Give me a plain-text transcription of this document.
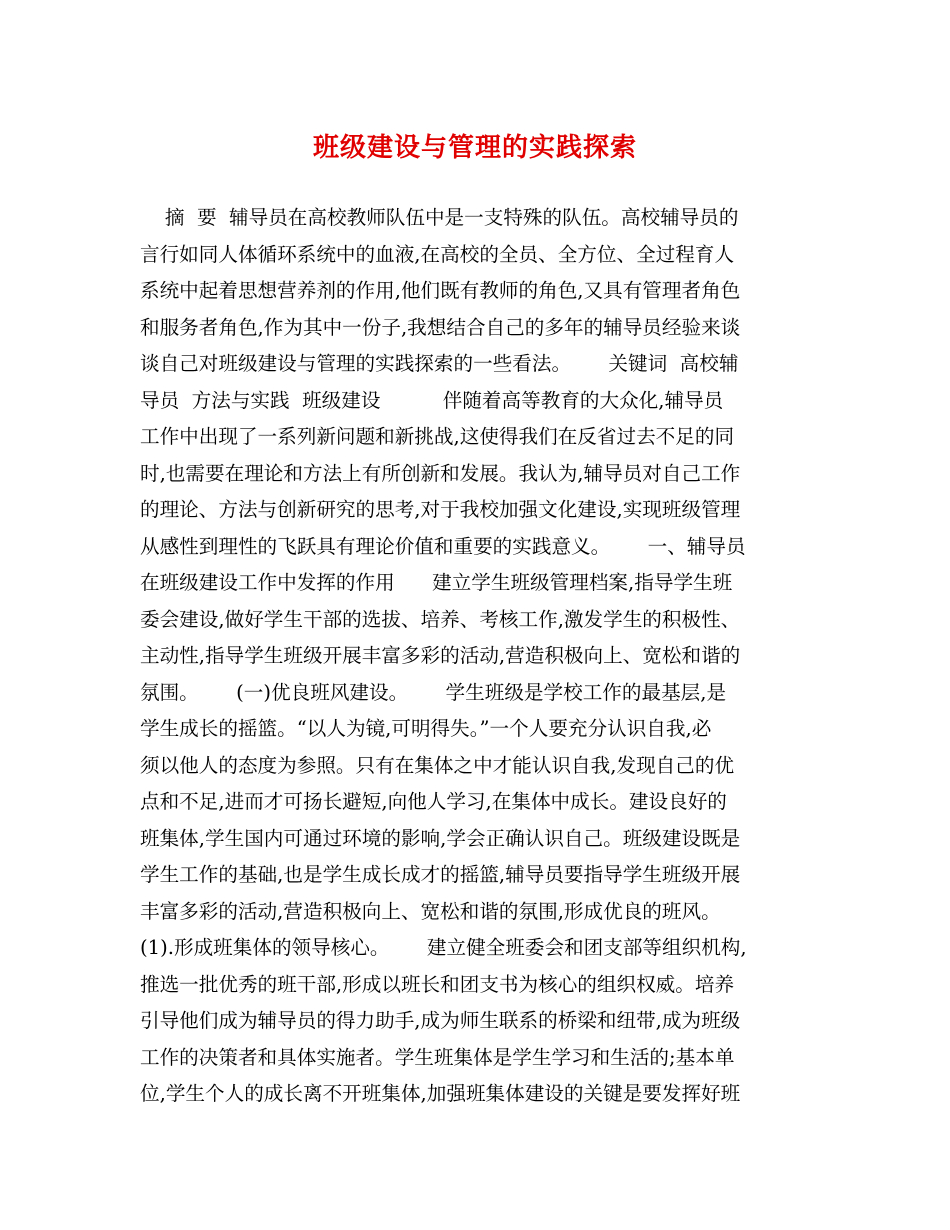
班级建设与管理的实践探索
摘  要  辅导员在高校教师队伍中是一支特殊的队伍。高校辅导员的
言行如同人体循环系统中的血液,在高校的全员、全方位、全过程育人
系统中起着思想营养剂的作用,他们既有教师的角色,又具有管理者角色
和服务者角色,作为其中一份子,我想结合自己的多年的辅导员经验来谈
谈自己对班级建设与管理的实践探索的一些看法。      关键词  高校辅
导员  方法与实践  班级建设          伴随着高等教育的大众化,辅导员
工作中出现了一系列新问题和新挑战,这使得我们在反省过去不足的同
时,也需要在理论和方法上有所创新和发展。我认为,辅导员对自己工作
的理论、方法与创新研究的思考,对于我校加强文化建设,实现班级管理
从感性到理性的飞跃具有理论价值和重要的实践意义。      一、辅导员
在班级建设工作中发挥的作用      建立学生班级管理档案,指导学生班
委会建设,做好学生干部的选拔、培养、考核工作,激发学生的积极性、
主动性,指导学生班级开展丰富多彩的活动,营造积极向上、宽松和谐的
氛围。      (一)优良班风建设。      学生班级是学校工作的最基层,是
学生成长的摇篮。“以人为镜,可明得失。”一个人要充分认识自我,必
须以他人的态度为参照。只有在集体之中才能认识自我,发现自己的优
点和不足,进而才可扬长避短,向他人学习,在集体中成长。建设良好的
班集体,学生国内可通过环境的影响,学会正确认识自己。班级建设既是
学生工作的基础,也是学生成长成才的摇篮,辅导员要指导学生班级开展
丰富多彩的活动,营造积极向上、宽松和谐的氛围,形成优良的班风。
(1).形成班集体的领导核心。      建立健全班委会和团支部等组织机构,
推选一批优秀的班干部,形成以班长和团支书为核心的组织权威。培养
引导他们成为辅导员的得力助手,成为师生联系的桥梁和纽带,成为班级
工作的决策者和具体实施者。学生班集体是学生学习和生活的;基本单
位,学生个人的成长离不开班集体,加强班集体建设的关键是要发挥好班
